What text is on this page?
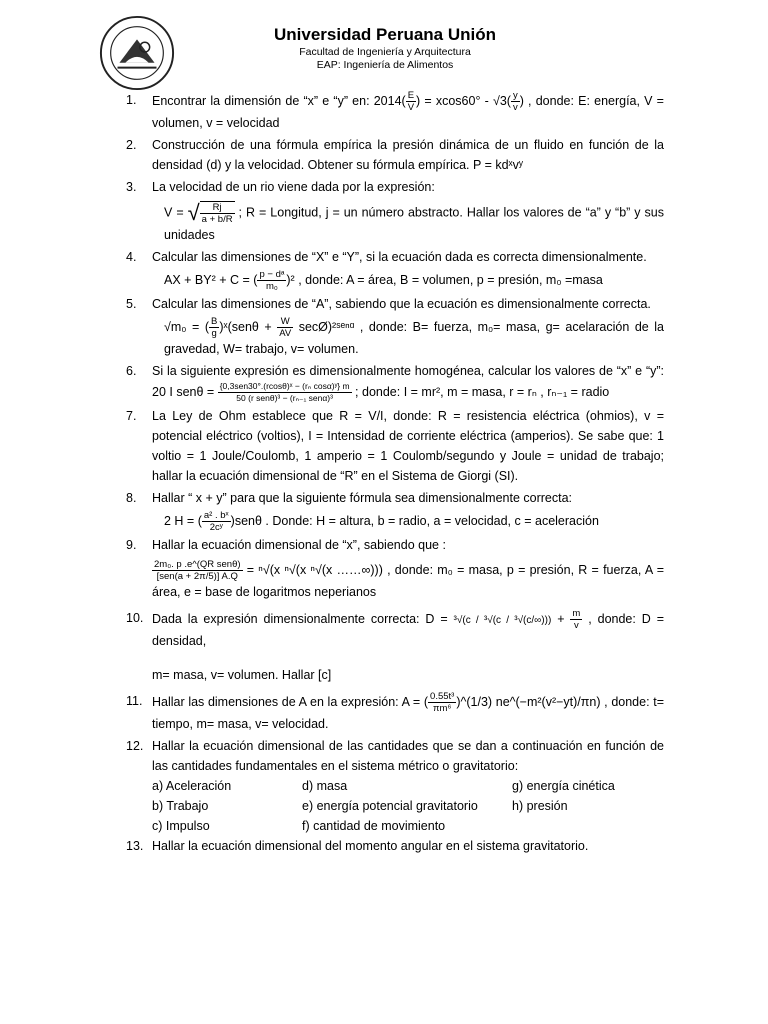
Universidad Peruana Unión
Facultad de Ingeniería y Arquitectura
EAP: Ingeniería de Alimentos
1. Encontrar la dimensión de “x” e “y” en: $2014( \frac{E}{V}$ ) = $xcos60^\circ - √3( \frac{y}{v}$ ) , donde: E: energía, V = volumen, v = velocidad
2. Construcción de una fórmula empírica la presión dinámica de un fluido en función de la densidad (d) y la velocidad. Obtener su fórmula empírica. P = kdˣvʸ
3. La velocidad de un rio viene dada por la expresión:
V = √ $\frac{Rj}{a + b/R}$ ; R = Longitud, j = un número abstracto. Hallar los valores de “a” y “b” y sus unidades
4. Calcular las dimensiones de “X” e “Y”, si la ecuación dada es correcta dimensionalmente.
AX + BY² + C = ( $\frac{\text{p − dᵃ}}{\text{m₀}} )^2$ , donde: A = área, B = volumen, p = presión, m₀ =masa
5. Calcular las dimensiones de “A”, sabiendo que la ecuación es dimensionalmente correcta.
√m₀ = ( $\frac{B}{g}$ )ˣ(senθ + $\frac{W}{AV}$ secØ)²ˢᵉⁿᵅ , donde: B= fuerza, m₀= masa, g= acelaración de la gravedad, W= trabajo, v= volumen.
6. Si la siguiente expresión es dimensionalmente homogénea, calcular los valores de “x” e “y”: 20 I $sen\theta = \frac{\text{\{0,3sen30°.(rcosθ)ˣ − (rₙ cosα)ʸ\} m}}{\text{50 (r senθ)³ − (rₙ₋₁ senα)³}}$ ; donde: I = mr², m = masa, r = rₙ , rₙ₋₁ = radio
7. La Ley de Ohm establece que R = V/I, donde: R = resistencia eléctrica (ohmios), v = potencial eléctrico (voltios), I = Intensidad de corriente eléctrica (amperios). Se sabe que: 1 voltio = 1 Joule/Coulomb, 1 amperio = 1 Coulomb/segundo y Joule = unidad de trabajo; hallar la ecuación dimensional de “R” en el Sistema de Giorgi (SI).
8. Hallar “ x + y” para que la siguiente fórmula sea dimensionalmente correcta:
2 H = ( $\frac{\text{a² . bˣ}}{\text{2cʸ}} )sen\theta$ . Donde: H = altura, b = radio, a = velocidad, c = aceleración
9. Hallar la ecuación dimensional de “x”, sabiendo que :
$\frac{\text{2m₀. p .e\textasciicircum{}(QR senθ)}}{\text{[sen(a + 2π/5)] A.Q}} = ^n√(x$ ⁿ√(x ⁿ√(x ……∞))) , donde: m₀ = masa, p = presión, R = fuerza, A = área, e = base de logaritmos neperianos
10. Dada la expresión dimensionalmente correcta: $D = ^3√(c / ^3√(c / ^3√(c/\infty))) + \frac{m}{v}$ , donde: D = densidad,
m= masa, v= volumen. Hallar [c]
11. Hallar las dimensiones de A en la expresión: A = ( $\frac{\text{0.55t³}}{\text{πm⁶}}$ )^(1/3) ne^(−m²(v²−yt)/πn) , donde: t= tiempo, m= masa, v= velocidad.
12. Hallar la ecuación dimensional de las cantidades que se dan a continuación en función de las cantidades fundamentales en el sistema métrico o gravitatorio:
a) Aceleración	d) masa	g) energía cinética
b) Trabajo	e) energía potencial gravitatorio	h) presión
c) Impulso	f) cantidad de movimiento
13. Hallar la ecuación dimensional del momento angular en el sistema gravitatorio.
